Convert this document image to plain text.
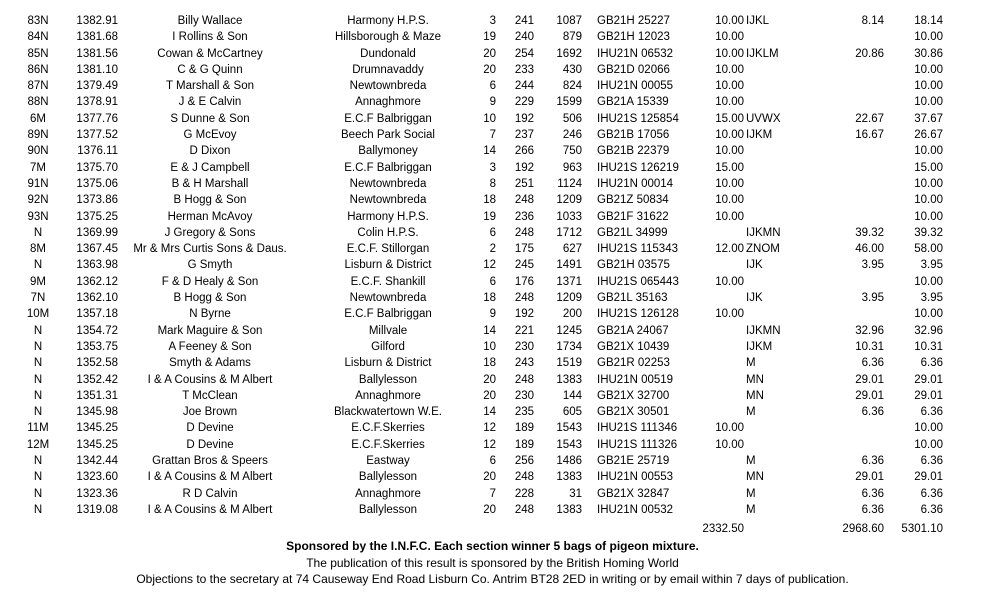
83N	1382.91	Billy Wallace	Harmony H.P.S.	3	241	1087 GB21H 25227	10.00 IJKL	8.14	18.14
84N	1381.68	I Rollins & Son	Hillsborough & Maze	19	240	879 GB21H 12023	10.00	10.00
85N	1381.56	Cowan & McCartney	Dundonald	20	254	1692 IHU21N 06532	10.00 IJKLM	20.86	30.86
86N	1381.10	C & G Quinn	Drumnavaddy	20	233	430 GB21D 02066	10.00	10.00
87N	1379.49	T Marshall & Son	Newtownbreda	6	244	824 IHU21N 00055	10.00	10.00
88N	1378.91	J & E Calvin	Annaghmore	9	229	1599 GB21A 15339	10.00	10.00
6M	1377.76	S Dunne & Son	E.C.F Balbriggan	10	192	506 IHU21S 125854	15.00 UVWX	22.67	37.67
89N	1377.52	G McEvoy	Beech Park Social	7	237	246 GB21B 17056	10.00 IJKM	16.67	26.67
90N	1376.11	D Dixon	Ballymoney	14	266	750 GB21B 22379	10.00	10.00
7M	1375.70	E & J Campbell	E.C.F Balbriggan	3	192	963 IHU21S 126219	15.00	15.00
91N	1375.06	B & H Marshall	Newtownbreda	8	251	1124 IHU21N 00014	10.00	10.00
92N	1373.86	B Hogg & Son	Newtownbreda	18	248	1209 GB21Z 50834	10.00	10.00
93N	1375.25	Herman McAvoy	Harmony H.P.S.	19	236	1033 GB21F 31622	10.00	10.00
N	1369.99	J Gregory & Sons	Colin H.P.S.	6	248	1712 GB21L 34999	IJKMN	39.32	39.32
8M	1367.45	Mr & Mrs Curtis Sons & Daus.	E.C.F. Stillorgan	2	175	627 IHU21S 115343	12.00 ZNOM	46.00	58.00
N	1363.98	G Smyth	Lisburn & District	12	245	1491 GB21H 03575	IJK	3.95	3.95
9M	1362.12	F & D Healy & Son	E.C.F. Shankill	6	176	1371 IHU21S 065443	10.00	10.00
7N	1362.10	B Hogg & Son	Newtownbreda	18	248	1209 GB21L 35163	IJK	3.95	3.95
10M	1357.18	N Byrne	E.C.F Balbriggan	9	192	200 IHU21S 126128	10.00	10.00
N	1354.72	Mark Maguire & Son	Millvale	14	221	1245 GB21A 24067	IJKMN	32.96	32.96
N	1353.75	A Feeney & Son	Gilford	10	230	1734 GB21X 10439	IJKM	10.31	10.31
N	1352.58	Smyth & Adams	Lisburn & District	18	243	1519 GB21R 02253	M	6.36	6.36
N	1352.42	I & A Cousins & M Albert	Ballylesson	20	248	1383 IHU21N 00519	MN	29.01	29.01
N	1351.31	T McClean	Annaghmore	20	230	144 GB21X 32700	MN	29.01	29.01
N	1345.98	Joe Brown	Blackwatertown W.E.	14	235	605 GB21X 30501	M	6.36	6.36
11M	1345.25	D Devine	E.C.F.Skerries	12	189	1543 IHU21S 111346	10.00	10.00
12M	1345.25	D Devine	E.C.F.Skerries	12	189	1543 IHU21S 111326	10.00	10.00
N	1342.44	Grattan Bros & Speers	Eastway	6	256	1486 GB21E 25719	M	6.36	6.36
N	1323.60	I & A Cousins & M Albert	Ballylesson	20	248	1383 IHU21N 00553	MN	29.01	29.01
N	1323.36	R D Calvin	Annaghmore	7	228	31 GB21X 32847	M	6.36	6.36
N	1319.08	I & A Cousins & M Albert	Ballylesson	20	248	1383 IHU21N 00532	M	6.36	6.36
2332.50	2968.60	5301.10
Sponsored by the I.N.F.C. Each section winner 5 bags of pigeon mixture.
The publication of this result is sponsored by the British Homing World
Objections to the secretary at 74 Causeway End Road Lisburn Co. Antrim BT28 2ED in writing or by email within 7 days of publication.
